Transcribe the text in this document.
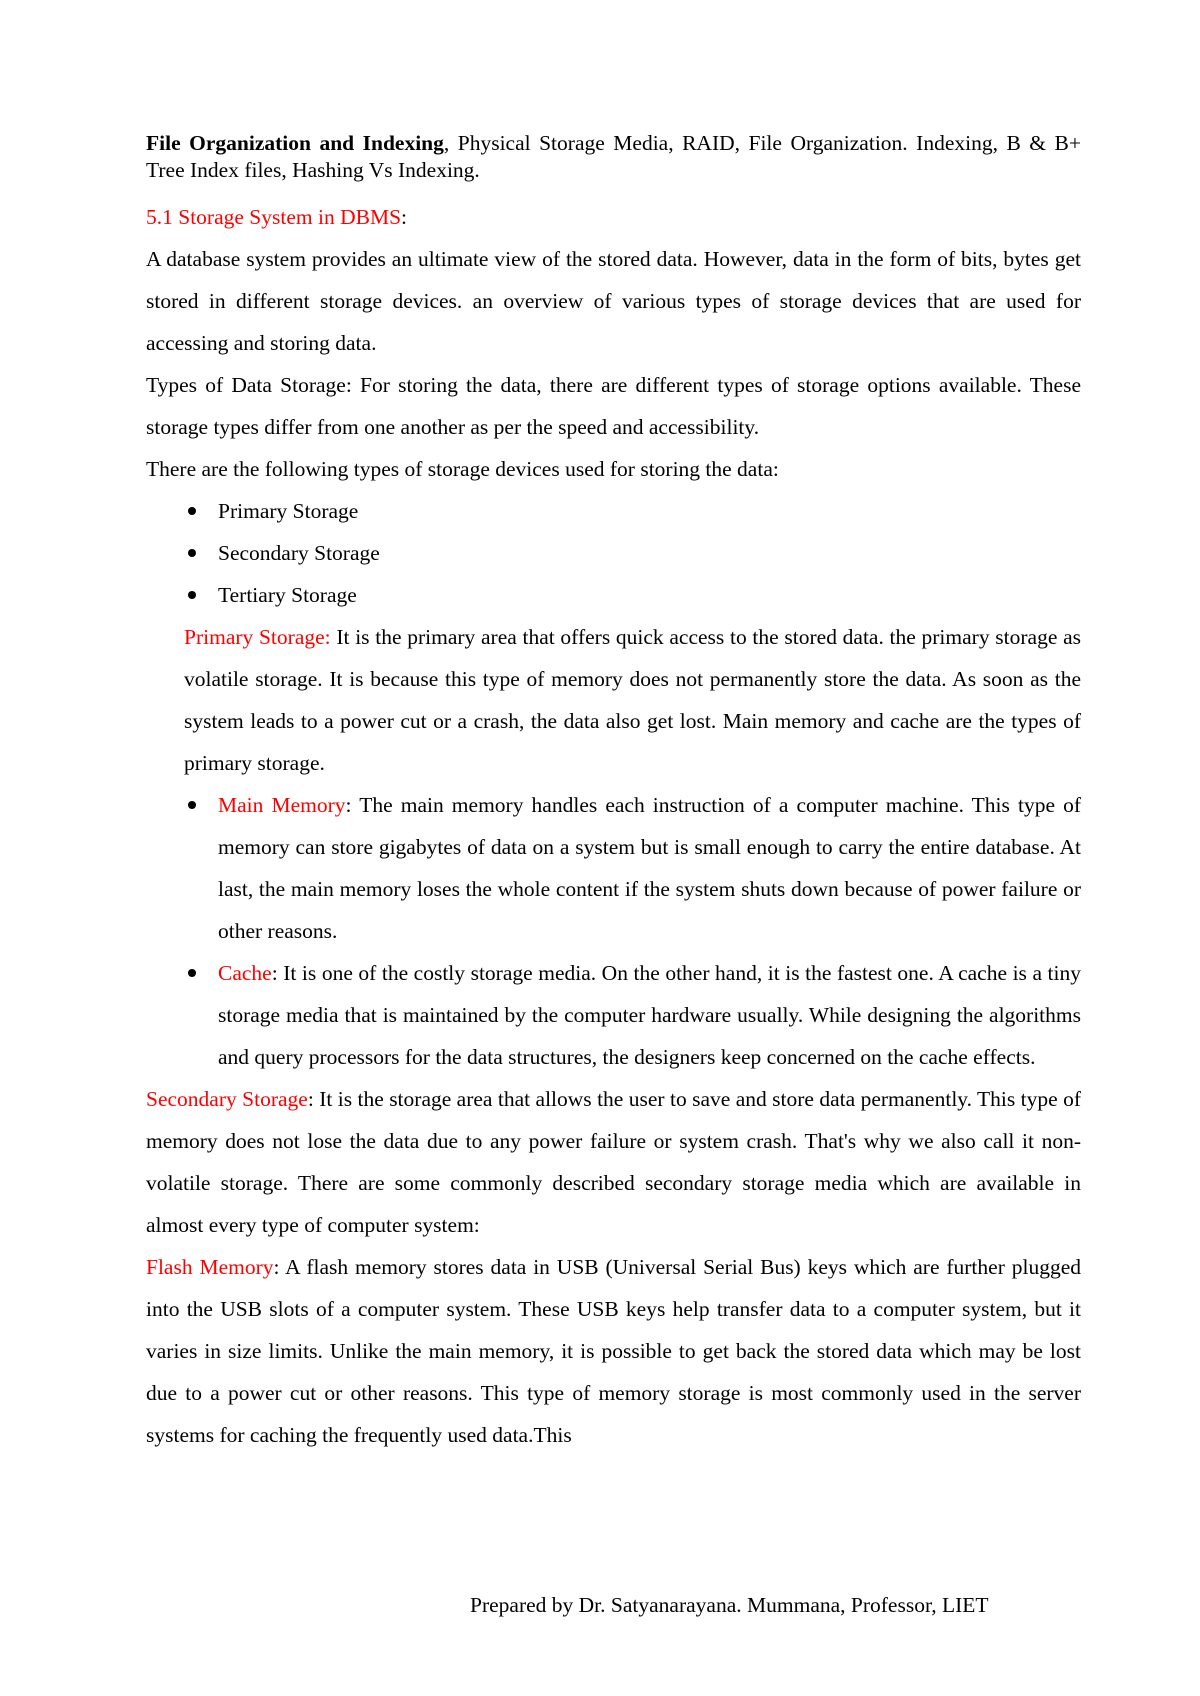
File Organization and Indexing, Physical Storage Media, RAID, File Organization. Indexing, B & B+ Tree Index files, Hashing Vs Indexing.

5.1 Storage System in DBMS:

A database system provides an ultimate view of the stored data. However, data in the form of bits, bytes get stored in different storage devices. an overview of various types of storage devices that are used for accessing and storing data.

Types of Data Storage: For storing the data, there are different types of storage options available. These storage types differ from one another as per the speed and accessibility.

There are the following types of storage devices used for storing the data:

Primary Storage
Secondary Storage
Tertiary Storage

Primary Storage: It is the primary area that offers quick access to the stored data. the primary storage as volatile storage. It is because this type of memory does not permanently store the data. As soon as the system leads to a power cut or a crash, the data also get lost. Main memory and cache are the types of primary storage.

Main Memory: The main memory handles each instruction of a computer machine. This type of memory can store gigabytes of data on a system but is small enough to carry the entire database. At last, the main memory loses the whole content if the system shuts down because of power failure or other reasons.
Cache: It is one of the costly storage media. On the other hand, it is the fastest one. A cache is a tiny storage media that is maintained by the computer hardware usually. While designing the algorithms and query processors for the data structures, the designers keep concerned on the cache effects.

Secondary Storage: It is the storage area that allows the user to save and store data permanently. This type of memory does not lose the data due to any power failure or system crash. That's why we also call it non-volatile storage. There are some commonly described secondary storage media which are available in almost every type of computer system:

Flash Memory: A flash memory stores data in USB (Universal Serial Bus) keys which are further plugged into the USB slots of a computer system. These USB keys help transfer data to a computer system, but it varies in size limits. Unlike the main memory, it is possible to get back the stored data which may be lost due to a power cut or other reasons. This type of memory storage is most commonly used in the server systems for caching the frequently used data.This

Prepared by Dr. Satyanarayana. Mummana, Professor, LIET
